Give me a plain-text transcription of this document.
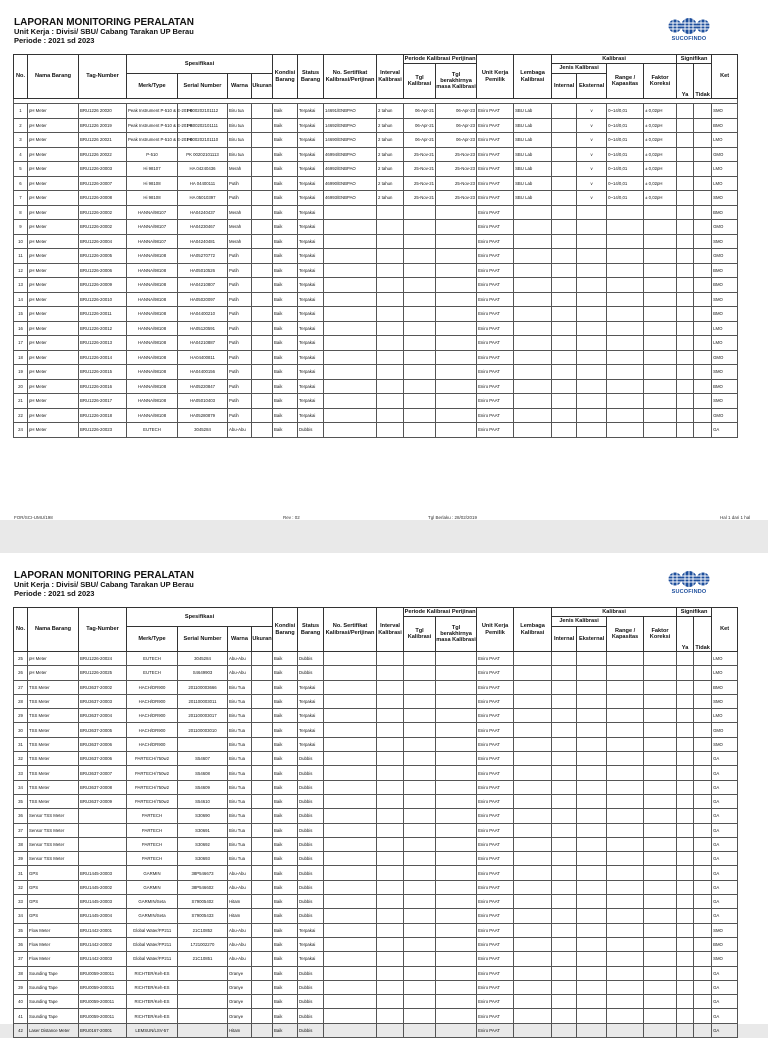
LAPORAN MONITORING PERALATAN
Unit Kerja : Divisi/ SBU/ Cabang Tarakan UP Berau
Periode : 2021 sd 2023	SUCOFINDO
No.	Nama Barang	Tag-Number	Spesifikasi				Kondisi Barang	Status Barang	No. Sertifikat Kalibrasi/Perijinan	Interval Kalibrasi	Periode Kalibrasi Perijinan		Unit Kerja Pemilik	Lembaga Kalibrasi	Kalibrasi				Signifikan		Ket
											Tgl Kalibrasi	Tgl berakhirnya masa Kalibrasi			Jenis Kalibrasi		Range / Kapasitas	Faktor Koreksi	Ya	Tidak	
			Merk/Type	Serial Number	Warna	Ukuran									Internal	Eksternal					

1	pH Meter	BRU1226 20020	Peak Instrument P-510 & E-201-9	PK00202101112	Biru tua		Baik	Terpakai	14691/ENBPAO	2 tahun	06-Apr-21	06-Apr-23	Eniro PAAT	SBU Lab		v	0~14/0,01	± 0,02pH			SMO
2	pH Meter	BRU1226 20019	Peak Instrument P-510 & E-201-9	PK00202101111	Biru tua		Baik	Terpakai	14692/ENBPAO	2 tahun	06-Apr-21	06-Apr-23	Eniro PAAT	SBU Lab		v	0~14/0,01	± 0,02pH			BMO
3	pH Meter	BRU1226 20021	Peak Instrument P-510 & E-201-9	PK00202101110	Biru tua		Baik	Terpakai	14690/ENBPAO	2 tahun	06-Apr-21	06-Apr-23	Eniro PAAT	SBU Lab		v	0~14/0,01	± 0,02pH			LMO
4	pH Meter	BRU1226 20022	P-510	PK 00202101113	Biru tua		Baik	Terpakai	46994/ENBPAO	2 tahun	25-Nov-21	25-Nov-23	Eniro PAAT	SBU Lab		v	0~14/0,01	± 0,02pH			GMO
5	pH Meter	BRU1226-20003	Hi 98107	HA 04240436	Merah		Baik	Terpakai	46992/ENBPAO	2 tahun	25-Nov-21	25-Nov-23	Eniro PAAT	SBU Lab		v	0~14/0,01	± 0,02pH			LMO
6	pH Meter	BRU1226-20007	Hi 98108	HA 04400111	Putih		Baik	Terpakai	46990/ENBPAO	2 tahun	25-Nov-21	25-Nov-23	Eniro PAAT	SBU Lab		v	0~14/0,01	± 0,02pH			LMO
7	pH Meter	BRU1226-20008	Hi 98108	HA 05010397	Putih		Baik	Terpakai	46993/ENBPAO	2 tahun	25-Nov-21	25-Nov-23	Eniro PAAT	SBU Lab		v	0~14/0,01	± 0,02pH			SMO
8	pH Meter	BRU1226-20002	HANNA/98107	HA04240437	Merah		Baik	Terpakai					Eniro PAAT								BMO
9	pH Meter	BRU1226-20002	HANNA/98107	HA04230467	Merah		Baik	Terpakai					Eniro PAAT								GMO
10	pH Meter	BRU1226-20004	HANNA/98107	HA04240481	Merah		Baik	Terpakai					Eniro PAAT								SMO
11	pH Meter	BRU1226-20005	HANNA/98108	HA05270772	Putih		Baik	Terpakai					Eniro PAAT								GMO
12	pH Meter	BRU1226-20006	HANNA/98108	HA05010526	Putih		Baik	Terpakai					Eniro PAAT								BMO
13	pH Meter	BRU1226-20009	HANNA/98108	HA04210807	Putih		Baik	Terpakai					Eniro PAAT								BMO
14	pH Meter	BRU1226-20010	HANNA/98108	HA05020097	Putih		Baik	Terpakai					Eniro PAAT								SMO
15	pH Meter	BRU1226-20011	HANNA/98108	HA04400210	Putih		Baik	Terpakai					Eniro PAAT								BMO
16	pH Meter	BRU1226-20012	HANNA/98108	HA05120591	Putih		Baik	Terpakai					Eniro PAAT								LMO
17	pH Meter	BRU1226-20013	HANNA/98108	HA04210887	Putih		Baik	Terpakai					Eniro PAAT								LMO
18	pH Meter	BRU1226-20014	HANNA/98108	HA04400811	Putih		Baik	Terpakai					Eniro PAAT								GMO
19	pH Meter	BRU1226-20015	HANNA/98108	HA04400156	Putih		Baik	Terpakai					Eniro PAAT								SMO
20	pH Meter	BRU1226-20016	HANNA/98108	HA05220847	Putih		Baik	Terpakai					Eniro PAAT								BMO
21	pH Meter	BRU1226-20017	HANNA/98108	HA05010403	Putih		Baik	Terpakai					Eniro PAAT								SMO
22	pH Meter	BRU1226-20018	HANNA/98108	HA05280879	Putih		Baik	Terpakai					Eniro PAAT								GMO
24	pH Meter	BRU1226-20023	EUTECH	3045284	Abu-Abu		Baik	Dubbis					Eniro PAAT								GA
FOR/SCI-UMU/198	Rev : 02	Tgl Berlaku : 28/02/2019	Hal 1 dari 1 hal
LAPORAN MONITORING PERALATAN
Unit Kerja : Divisi/ SBU/ Cabang Tarakan UP Berau
Periode : 2021 sd 2023	SUCOFINDO
No.	Nama Barang	Tag-Number	Spesifikasi				Kondisi Barang	Status Barang	No. Sertifikat Kalibrasi/Perijinan	Interval Kalibrasi	Periode Kalibrasi Perijinan		Unit Kerja Pemilik	Lembaga Kalibrasi	Kalibrasi				Signifikan		Ket
											Tgl Kalibrasi	Tgl berakhirnya masa Kalibrasi			Jenis Kalibrasi		Range / Kapasitas	Faktor Koreksi	Ya	Tidak	
			Merk/Type	Serial Number	Warna	Ukuran									Internal	Eksternal					
25	pH Meter	BRU1226-20024	EUTECH	3045284	Abu-Abu		Baik	Dubbis					Eniro PAAT								LMO
26	pH Meter	BRU1226-20025	EUTECH	S4649903	Abu-Abu		Baik	Dubbis					Eniro PAAT								LMO
27	TSS Meter	BRU3637-20002	HACH/DR900	201100003666	Biru Tua		Baik	Terpakai					Eniro PAAT								BMO
28	TSS Meter	BRU3637-20003	HACH/DR900	201100003011	Biru Tua		Baik	Terpakai					Eniro PAAT								SMO
29	TSS Meter	BRU3637-20004	HACH/DR900	201100003017	Biru Tua		Baik	Terpakai					Eniro PAAT								LMO
30	TSS Meter	BRU3637-20005	HACH/DR900	201100003010	Biru Tua		Baik	Terpakai					Eniro PAAT								GMO
31	TSS Meter	BRU3637-20006	HACH/DR900		Biru Tua		Baik	Terpakai					Eniro PAAT								SMO
32	TSS Meter	BRU3637-20006	PARTECH/750w2	S54607	Biru Tua		Baik	Dubbis					Eniro PAAT								GA
33	TSS Meter	BRU3637-20007	PARTECH/750w2	S54608	Biru Tua		Baik	Dubbis					Eniro PAAT								GA
34	TSS Meter	BRU3637-20008	PARTECH/750w2	S54609	Biru Tua		Baik	Dubbis					Eniro PAAT								GA
35	TSS Meter	BRU3637-20009	PARTECH/750w2	S54610	Biru Tua		Baik	Dubbis					Eniro PAAT								GA
36	Sensor TSS Meter		PARTECH	S30690	Biru Tua		Baik	Dubbis					Eniro PAAT								GA
37	Sensor TSS Meter		PARTECH	S30691	Biru Tua		Baik	Dubbis					Eniro PAAT								GA
38	Sensor TSS Meter		PARTECH	S30692	Biru Tua		Baik	Dubbis					Eniro PAAT								GA
39	Sensor TSS Meter		PARTECH	S30693	Biru Tua		Baik	Dubbis					Eniro PAAT								GA
31	GPS	BRU1445-20003	GARMIN	38P546673	Abu-Abu		Baik	Dubbis					Eniro PAAT								GA
32	GPS	BRU1445-20002	GARMIN	38P546602	Abu-Abu		Baik	Dubbis					Eniro PAAT								GA
33	GPS	BRU1445-20003	GARMIN/Seta	S79005402	Hitam		Baik	Dubbis					Eniro PAAT								GA
34	GPS	BRU1445-20004	GARMIN/Seta	S79005433	Hitam		Baik	Dubbis					Eniro PAAT								GA
35	Flow Meter	BRU1442-20001	Global Water/FP211	21C10852	Abu-Abu		Baik	Terpakai					Eniro PAAT								SMO
36	Flow Meter	BRU1442-20002	Global Water/FP211	1721002270	Abu-Abu		Baik	Terpakai					Eniro PAAT								BMO
37	Flow Meter	BRU1442-20003	Global Water/FP211	21C10851	Abu-Abu		Baik	Terpakai					Eniro PAAT								SMO
38	Sounding Tape	BRU0059-200011	RICHTER/Keh-ES		Oranye		Baik	Dubbis					Eniro PAAT								GA
39	Sounding Tape	BRU0059-200011	RICHTER/Keh-ES		Oranye		Baik	Dubbis					Eniro PAAT								GA
40	Sounding Tape	BRU0059-200011	RICHTER/Keh-ES		Oranye		Baik	Dubbis					Eniro PAAT								GA
41	Sounding Tape	BRU0059-200011	RICHTER/Keh-ES		Oranye		Baik	Dubbis					Eniro PAAT								GA
42	Laser Distance Meter	BRU0167-20001	LEMSUN/LSV-57		Hitam		Baik	Dubbis					Eniro PAAT								GA
